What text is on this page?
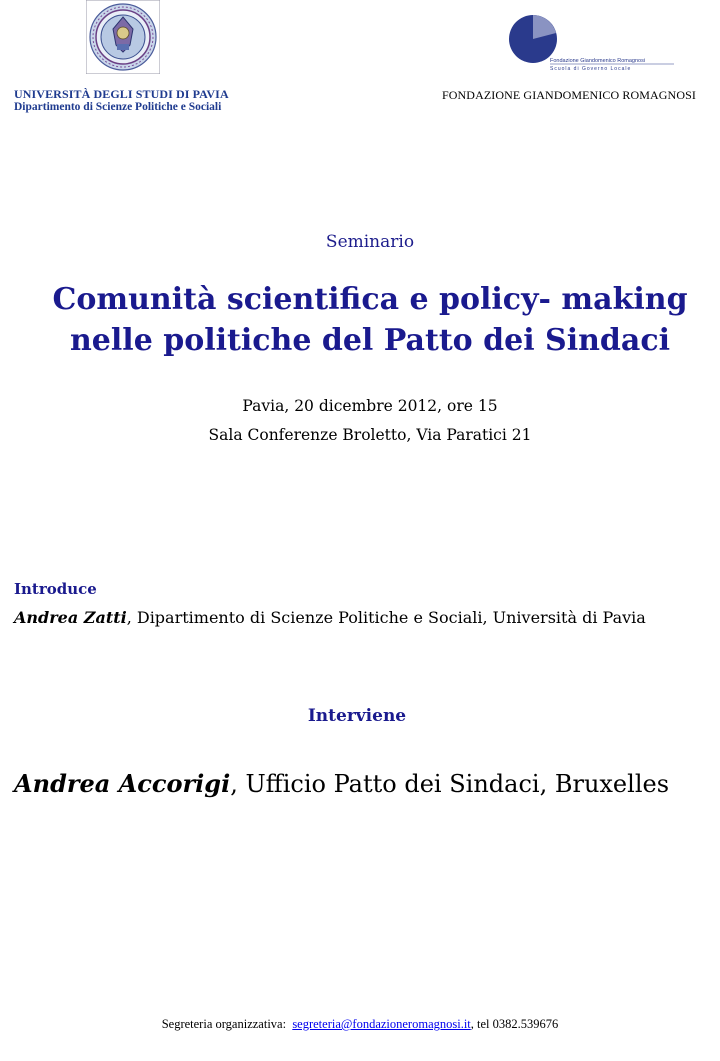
UNIVERSITÀ DEGLI STUDI DI PAVIA
Dipartimento di Scienze Politiche e Sociali
Fondazione Giandomenico Romagnosi
Scuola di Governo Locale
FONDAZIONE GIANDOMENICO ROMAGNOSI
Seminario
Comunità scientifica e policy- making
nelle politiche del Patto dei Sindaci
Pavia, 20 dicembre 2012, ore 15
Sala Conferenze Broletto, Via Paratici 21
Introduce
Andrea Zatti, Dipartimento di Scienze Politiche e Sociali, Università di Pavia
Interviene
Andrea Accorigi, Ufficio Patto dei Sindaci, Bruxelles
Segreteria organizzativa:  segreteria@fondazioneromagnosi.it, tel 0382.539676
